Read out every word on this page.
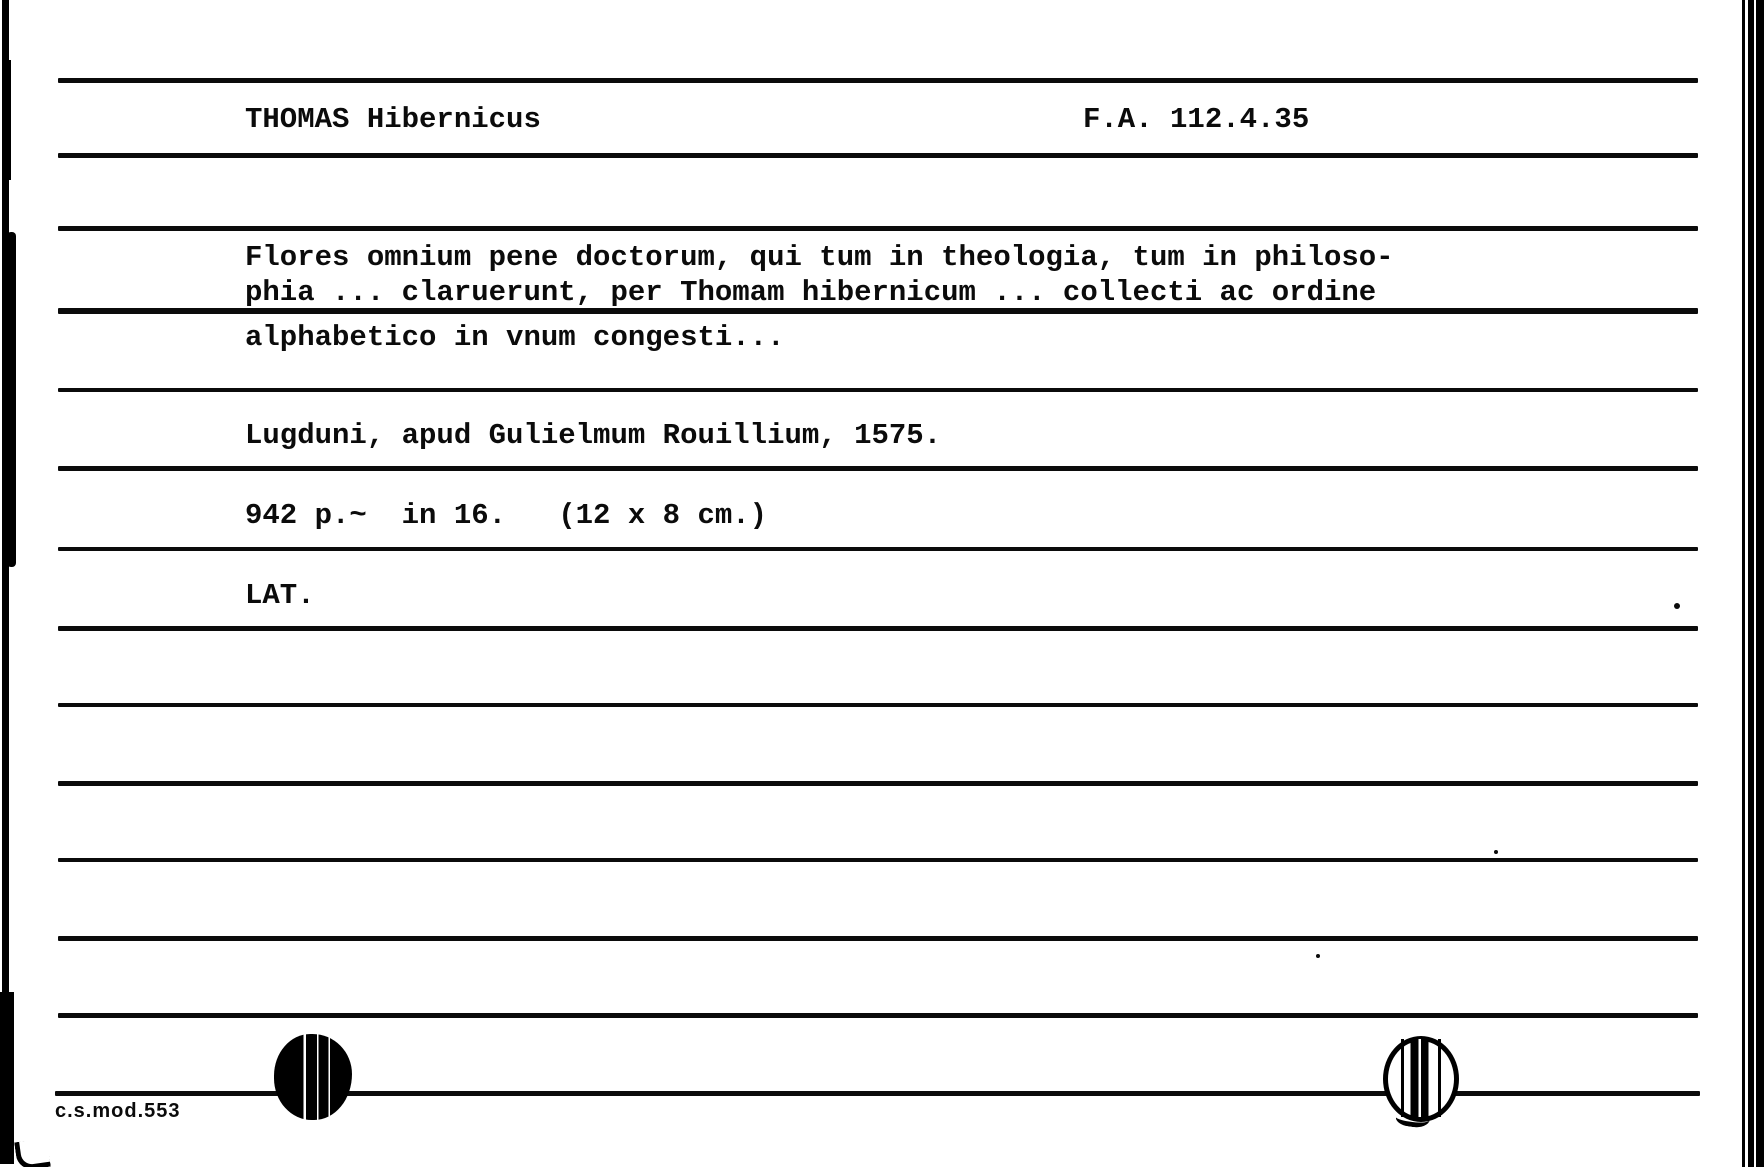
THOMAS Hibernicus	F.A. 112.4.35
Flores omnium pene doctorum, qui tum in theologia, tum in philoso-
phia ... claruerunt, per Thomam hibernicum ... collecti ac ordine
alphabetico in vnum congesti...
Lugduni, apud Gulielmum Rouillium, 1575.
942 p.~  in 16.   (12 x 8 cm.)
LAT.
c.s.mod.553
